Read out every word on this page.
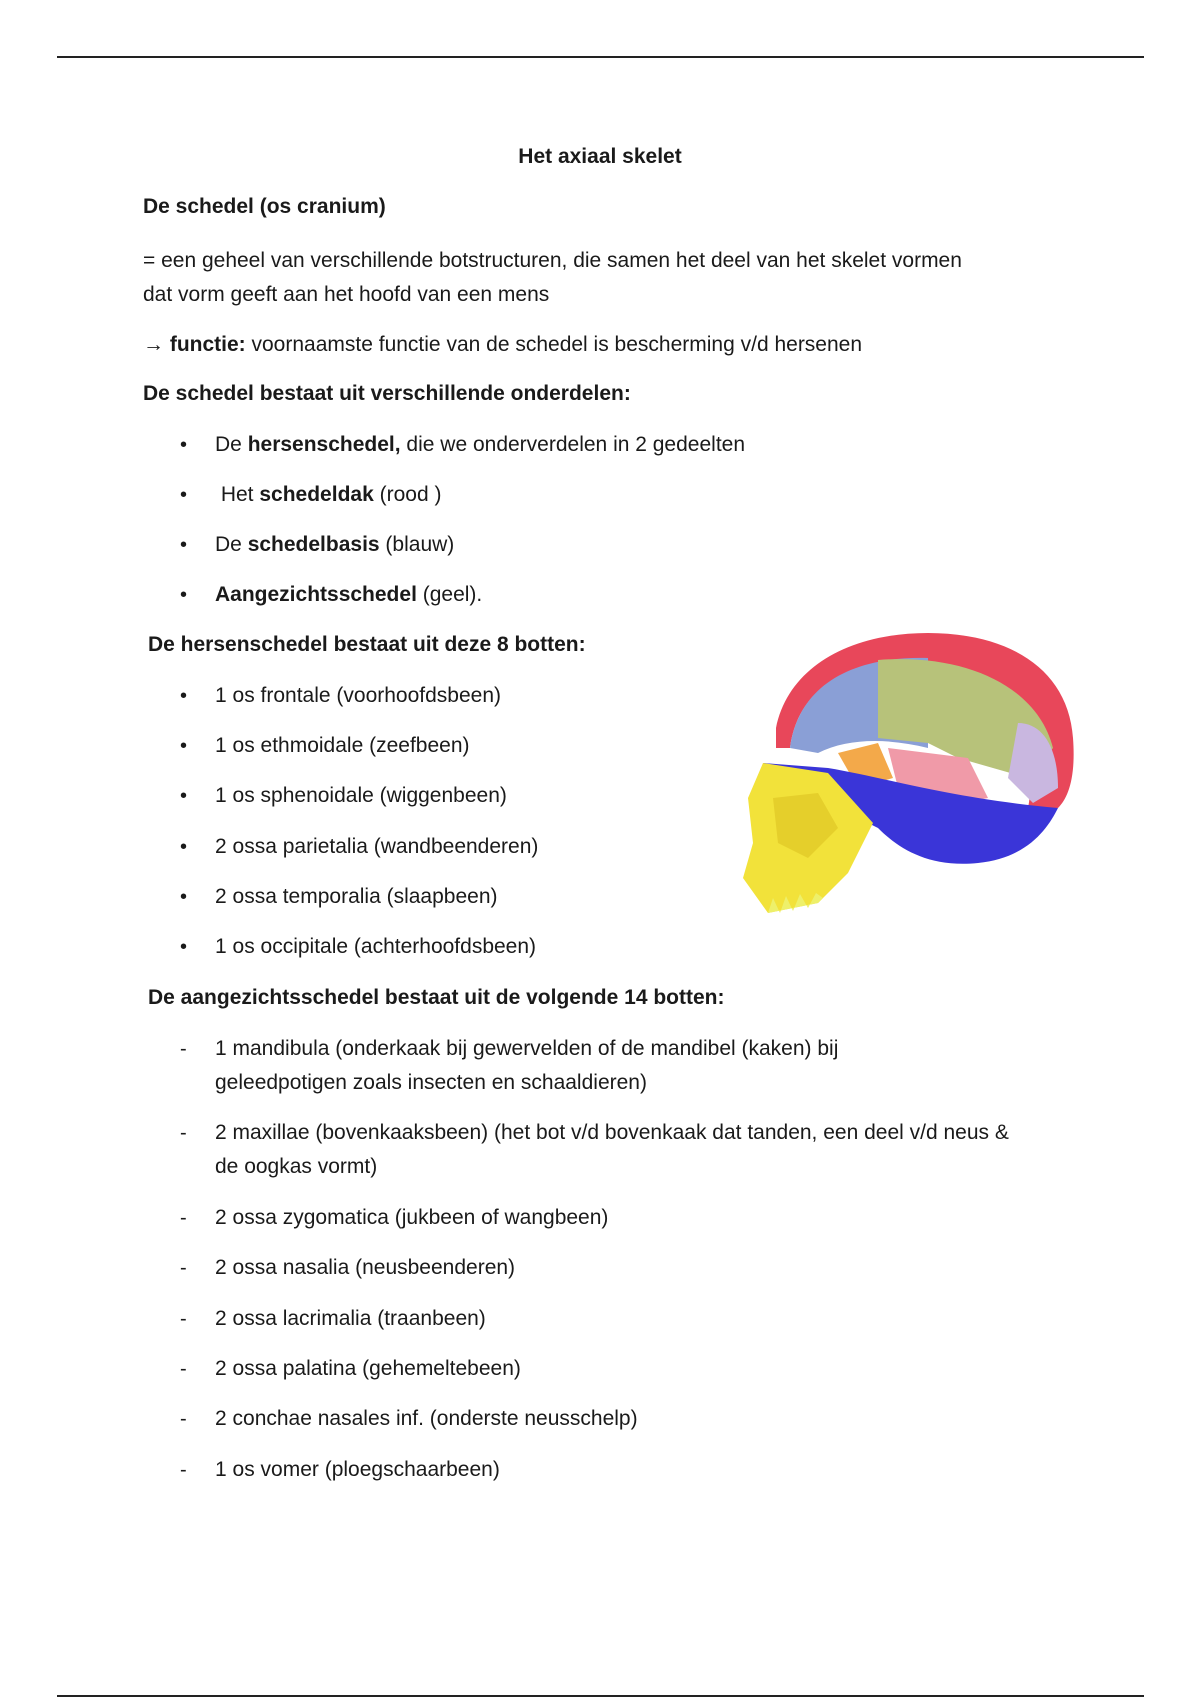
Het axiaal skelet
De schedel (os cranium)
= een geheel van verschillende botstructuren, die samen het deel van het skelet vormen
dat vorm geeft aan het hoofd van een mens
→ functie: voornaamste functie van de schedel is bescherming v/d hersenen
De schedel bestaat uit verschillende onderdelen:
• De hersenschedel, die we onderverdelen in 2 gedeelten
• Het schedeldak (rood )
• De schedelbasis (blauw)
• Aangezichtsschedel (geel).
De hersenschedel bestaat uit deze 8 botten:
• 1 os frontale (voorhoofdsbeen)
• 1 os ethmoidale (zeefbeen)
• 1 os sphenoidale (wiggenbeen)
• 2 ossa parietalia (wandbeenderen)
• 2 ossa temporalia (slaapbeen)
• 1 os occipitale (achterhoofdsbeen)
De aangezichtsschedel bestaat uit de volgende 14 botten:
- 1 mandibula (onderkaak bij gewervelden of de mandibel (kaken) bij geleedpotigen zoals insecten en schaaldieren)
- 2 maxillae (bovenkaaksbeen) (het bot v/d bovenkaak dat tanden, een deel v/d neus & de oogkas vormt)
- 2 ossa zygomatica (jukbeen of wangbeen)
- 2 ossa nasalia (neusbeenderen)
- 2 ossa lacrimalia (traanbeen)
- 2 ossa palatina (gehemeltebeen)
- 2 conchae nasales inf. (onderste neusschelp)
- 1 os vomer (ploegschaarbeen)
